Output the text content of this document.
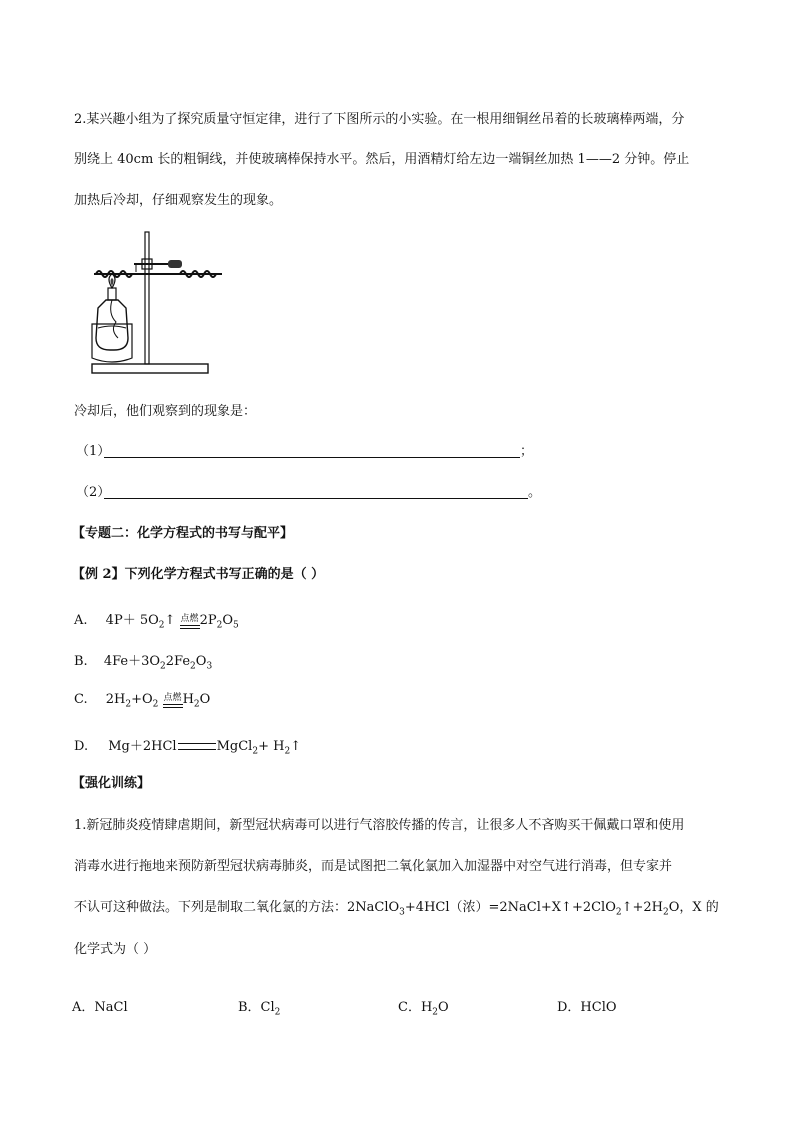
2.某兴趣小组为了探究质量守恒定律，进行了下图所示的小实验。在一根用细铜丝吊着的长玻璃棒两端，分
别绕上 40cm 长的粗铜线，并使玻璃棒保持水平。然后，用酒精灯给左边一端铜丝加热 1——2 分钟。停止
加热后冷却，仔细观察发生的现象。
冷却后，他们观察到的现象是：
（1）	；
（2）	。
【专题二：化学方程式的书写与配平】
【例 2】下列化学方程式书写正确的是（ ）
A. $4P+ 5O_2↑$ 点燃 $2P_2O_5$
B. $4Fe+3O_22Fe_2O_3$
C. $2H_2+O_2$
点燃 $H_2O$
D. Mg＋2HCl	MgCl$_2$+ $H_2↑$
【强化训练】
1.新冠肺炎疫情肆虐期间，新型冠状病毒可以进行气溶胶传播的传言，让很多人不吝购买干佩戴口罩和使用
消毒水进行拖地来预防新型冠状病毒肺炎，而是试图把二氧化氯加入加湿器中对空气进行消毒，但专家并
不认可这种做法。下列是制取二氧化氯的方法：2NaClO$_3$+4HCl（浓）$=2NaCl+X↑+2ClO_2↑+2H_2O$，X 的
化学式为（ ）
A．NaCl	B．$Cl_2$	C．$H_2O$	D．HClO
